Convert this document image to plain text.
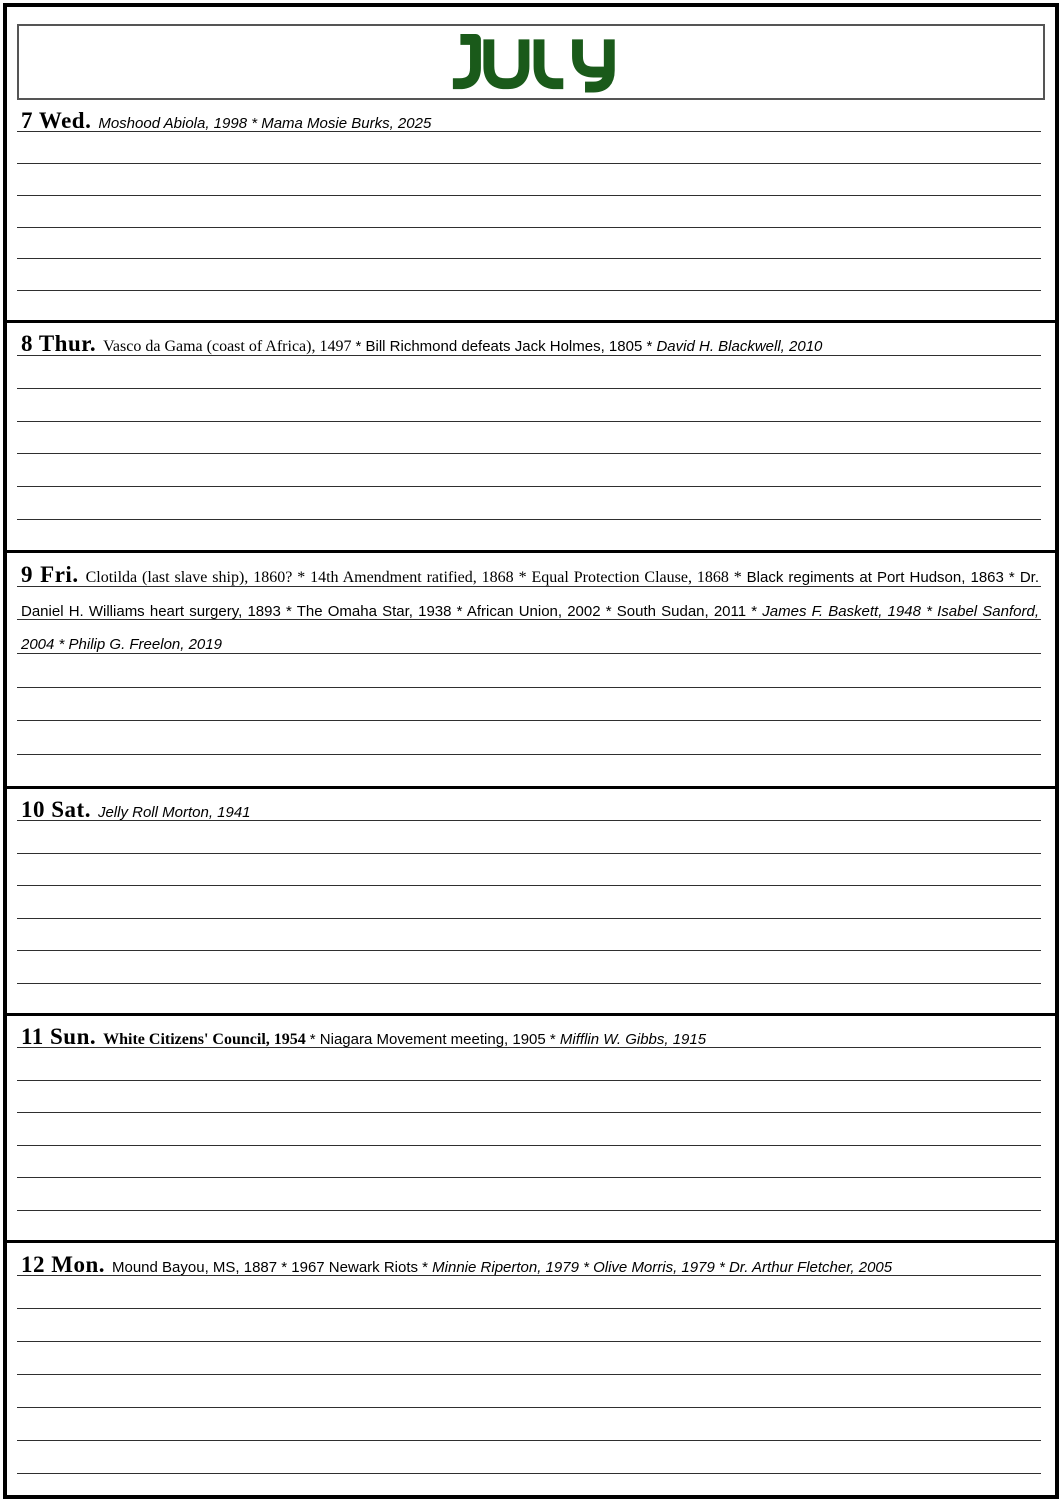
7 Wed. Moshood Abiola, 1998 * Mama Mosie Burks, 2025

8 Thur. Vasco da Gama (coast of Africa), 1497 * Bill Richmond defeats Jack Holmes, 1805 * David H. Blackwell, 2010

9 Fri. Clotilda (last slave ship), 1860? * 14th Amendment ratified, 1868 * Equal Protection Clause, 1868 * Black regiments at Port Hudson, 1863 * Dr. Daniel H. Williams heart surgery, 1893 * The Omaha Star, 1938 * African Union, 2002 * South Sudan, 2011 * James F. Baskett, 1948 * Isabel Sanford, 2004 * Philip G. Freelon, 2019

10 Sat. Jelly Roll Morton, 1941

11 Sun. White Citizens' Council, 1954 * Niagara Movement meeting, 1905 * Mifflin W. Gibbs, 1915

12 Mon. Mound Bayou, MS, 1887 * 1967 Newark Riots * Minnie Riperton, 1979 * Olive Morris, 1979 * Dr. Arthur Fletcher, 2005
